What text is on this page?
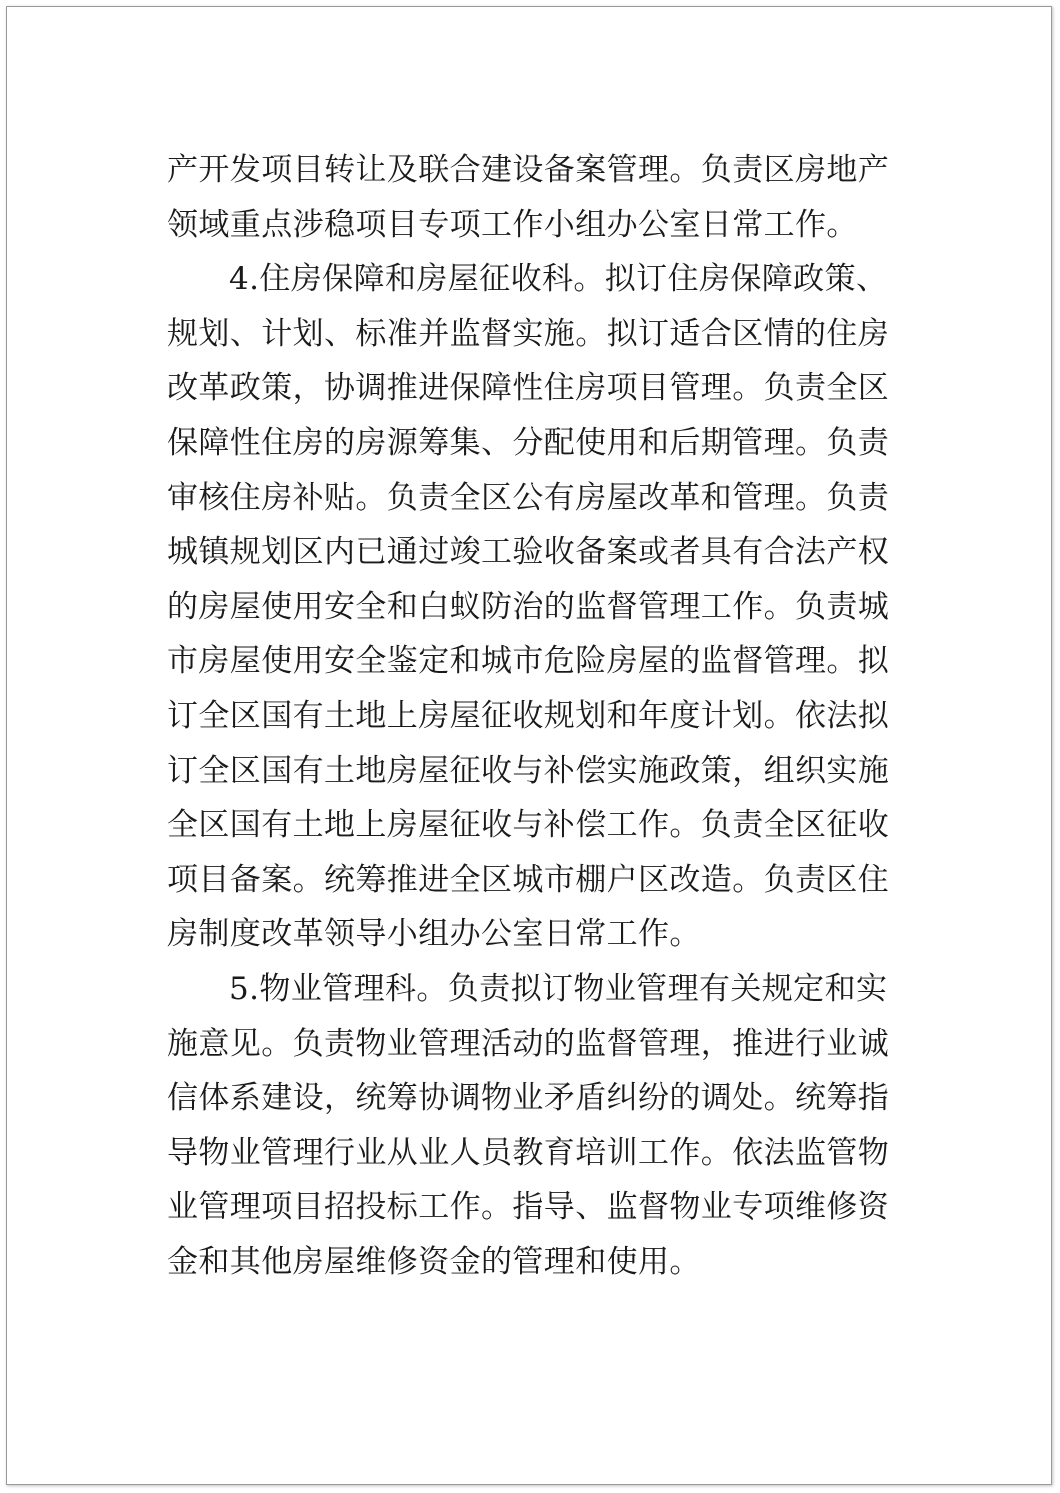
产开发项目转让及联合建设备案管理。负责区房地产
领域重点涉稳项目专项工作小组办公室日常工作。
4.住房保障和房屋征收科。拟订住房保障政策、
规划、计划、标准并监督实施。拟订适合区情的住房
改革政策，协调推进保障性住房项目管理。负责全区
保障性住房的房源筹集、分配使用和后期管理。负责
审核住房补贴。负责全区公有房屋改革和管理。负责
城镇规划区内已通过竣工验收备案或者具有合法产权
的房屋使用安全和白蚁防治的监督管理工作。负责城
市房屋使用安全鉴定和城市危险房屋的监督管理。拟
订全区国有土地上房屋征收规划和年度计划。依法拟
订全区国有土地房屋征收与补偿实施政策，组织实施
全区国有土地上房屋征收与补偿工作。负责全区征收
项目备案。统筹推进全区城市棚户区改造。负责区住
房制度改革领导小组办公室日常工作。
5.物业管理科。负责拟订物业管理有关规定和实
施意见。负责物业管理活动的监督管理，推进行业诚
信体系建设，统筹协调物业矛盾纠纷的调处。统筹指
导物业管理行业从业人员教育培训工作。依法监管物
业管理项目招投标工作。指导、监督物业专项维修资
金和其他房屋维修资金的管理和使用。
